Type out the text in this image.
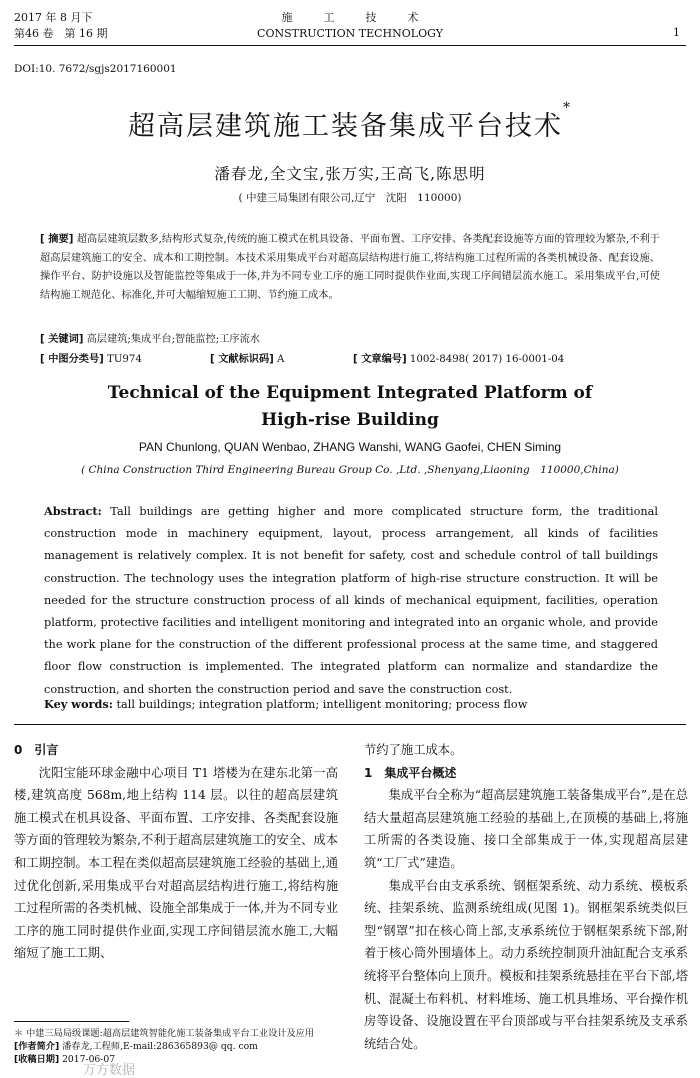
2017 年 8 月下
第46 卷　第 16 期
施　工　技　术
CONSTRUCTION TECHNOLOGY	1
DOI:10. 7672/sgjs2017160001
超高层建筑施工装备集成平台技术*
潘春龙,全文宝,张万实,王高飞,陈思明
( 中建三局集团有限公司,辽宁　沈阳　110000)
[ 摘要] 超高层建筑层数多,结构形式复杂,传统的施工模式在机具设备、平面布置、工序安排、各类配套设施等方面的管理较为繁杂,不利于超高层建筑施工的安全、成本和工期控制。本技术采用集成平台对超高层结构进行施工,将结构施工过程所需的各类机械设备、配套设施、操作平台、防护设施以及智能监控等集成于一体,并为不同专业工序的施工同时提供作业面,实现工序间错层流水施工。采用集成平台,可使结构施工规范化、标准化,并可大幅缩短施工工期、节约施工成本。
[ 关键词] 高层建筑;集成平台;智能监控;工序流水
[ 中图分类号] TU974	[ 文献标识码] A	[ 文章编号] 1002-8498( 2017) 16-0001-04
Technical of the Equipment Integrated Platform of
High-rise Building
PAN Chunlong, QUAN Wenbao, ZHANG Wanshi, WANG Gaofei, CHEN Siming
( China Construction Third Engineering Bureau Group Co. ,Ltd. ,Shenyang,Liaoning　110000,China)
Abstract: Tall buildings are getting higher and more complicated structure form, the traditional construction mode in machinery equipment, layout, process arrangement, all kinds of facilities management is relatively complex. It is not benefit for safety, cost and schedule control of tall buildings construction. The technology uses the integration platform of high-rise structure construction. It will be needed for the structure construction process of all kinds of mechanical equipment, facilities, operation platform, protective facilities and intelligent monitoring and integrated into an organic whole, and provide the work plane for the construction of the different professional process at the same time, and staggered floor flow construction is implemented. The integrated platform can normalize and standardize the construction, and shorten the construction period and save the construction cost.
Key words: tall buildings; integration platform; intelligent monitoring; process flow
0　引言

沈阳宝能环球金融中心项目 T1 塔楼为在建东北第一高楼,建筑高度 568m,地上结构 114 层。以往的超高层建筑施工模式在机具设备、平面布置、工序安排、各类配套设施等方面的管理较为繁杂,不利于超高层建筑施工的安全、成本和工期控制。本工程在类似超高层建筑施工经验的基础上,通过优化创新,采用集成平台对超高层结构进行施工,将结构施工过程所需的各类机械、设施全部集成于一体,并为不同专业工序的施工同时提供作业面,实现工序间错层流水施工,大幅缩短了施工工期、

节约了施工成本。

1　集成平台概述

集成平台全称为“超高层建筑施工装备集成平台”,是在总结大量超高层建筑施工经验的基础上,在顶模的基础上,将施工所需的各类设施、接口全部集成于一体,实现超高层建筑“工厂式”建造。

集成平台由支承系统、钢框架系统、动力系统、模板系统、挂架系统、监测系统组成(见图 1)。钢框架系统类似巨型“钢罩”扣在核心筒上部,支承系统位于钢框架系统下部,附着于核心筒外围墙体上。动力系统控制顶升油缸配合支承系统将平台整体向上顶升。模板和挂架系统悬挂在平台下部,塔机、混凝土布料机、材料堆场、施工机具堆场、平台操作机房等设备、设施设置在平台顶部或与平台挂架系统及支承系统结合处。

＊ 中建三局局级课题:超高层建筑智能化施工装备集成平台工业设计及应用
[作者简介] 潘春龙,工程师,E-mail:286365893@ qq. com
[收稿日期] 2017-06-07
万方数据
